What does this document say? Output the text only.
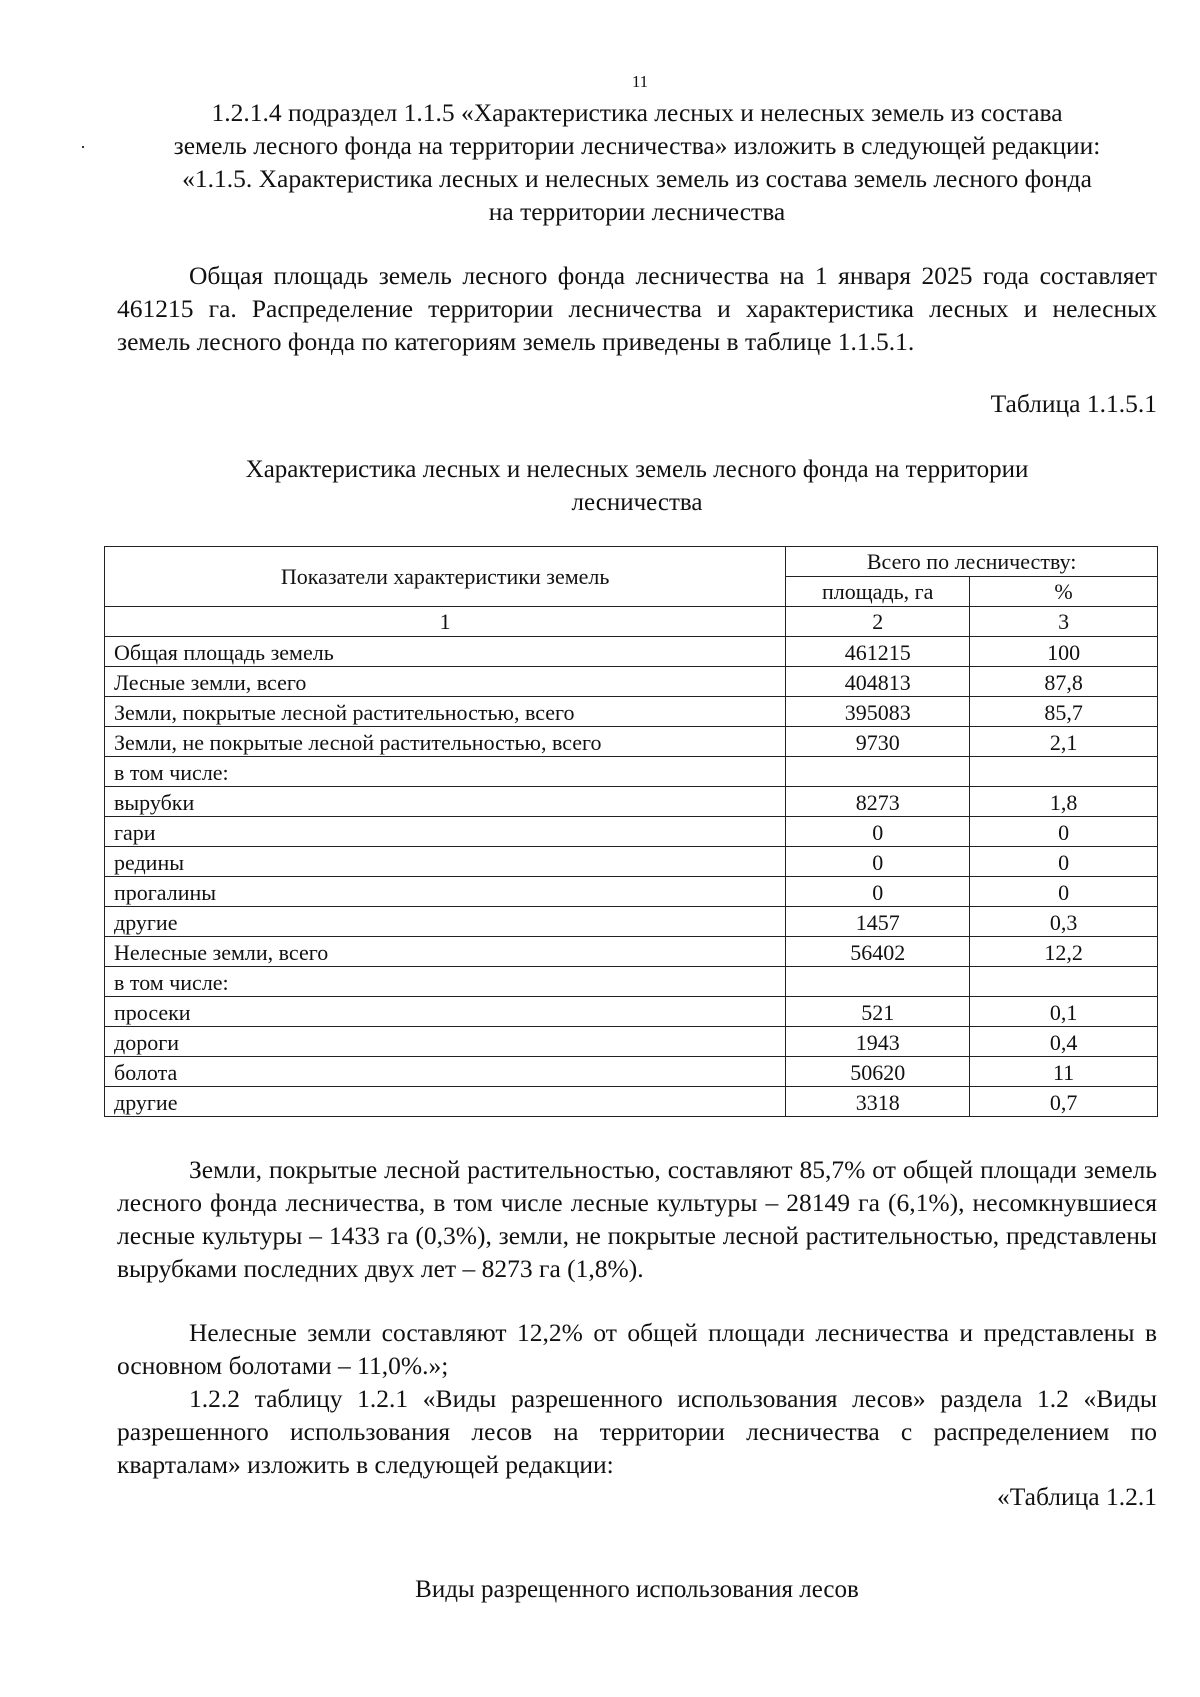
11
1.2.1.4 подраздел 1.1.5 «Характеристика лесных и нелесных земель из состава
земель лесного фонда на территории лесничества» изложить в следующей редакции:
«1.1.5. Характеристика лесных и нелесных земель из состава земель лесного фонда
на территории лесничества
Общая площадь земель лесного фонда лесничества на 1 января 2025 года составляет 461215 га. Распределение территории лесничества и характеристика лесных и нелесных земель лесного фонда по категориям земель приведены в таблице 1.1.5.1.
Таблица 1.1.5.1
Характеристика лесных и нелесных земель лесного фонда на территории
лесничества
Показатели характеристики земель	Всего по лесничеству:	
	площадь, га	%
1	2	3
Общая площадь земель	461215	100
Лесные земли, всего	404813	87,8
Земли, покрытые лесной растительностью, всего	395083	85,7
Земли, не покрытые лесной растительностью, всего	9730	2,1
в том числе:		
вырубки	8273	1,8
гари	0	0
редины	0	0
прогалины	0	0
другие	1457	0,3
Нелесные земли, всего	56402	12,2
в том числе:		
просеки	521	0,1
дороги	1943	0,4
болота	50620	11
другие	3318	0,7
Земли, покрытые лесной растительностью, составляют 85,7% от общей площади земель лесного фонда лесничества, в том числе лесные культуры – 28149 га (6,1%), несомкнувшиеся лесные культуры – 1433 га (0,3%), земли, не покрытые лесной растительностью, представлены вырубками последних двух лет – 8273 га (1,8%).
Нелесные земли составляют 12,2% от общей площади лесничества и представлены в основном болотами – 11,0%.»;
1.2.2 таблицу 1.2.1 «Виды разрешенного использования лесов» раздела 1.2 «Виды разрешенного использования лесов на территории лесничества с распределением по кварталам» изложить в следующей редакции:
«Таблица 1.2.1
Виды разрещенного использования лесов
